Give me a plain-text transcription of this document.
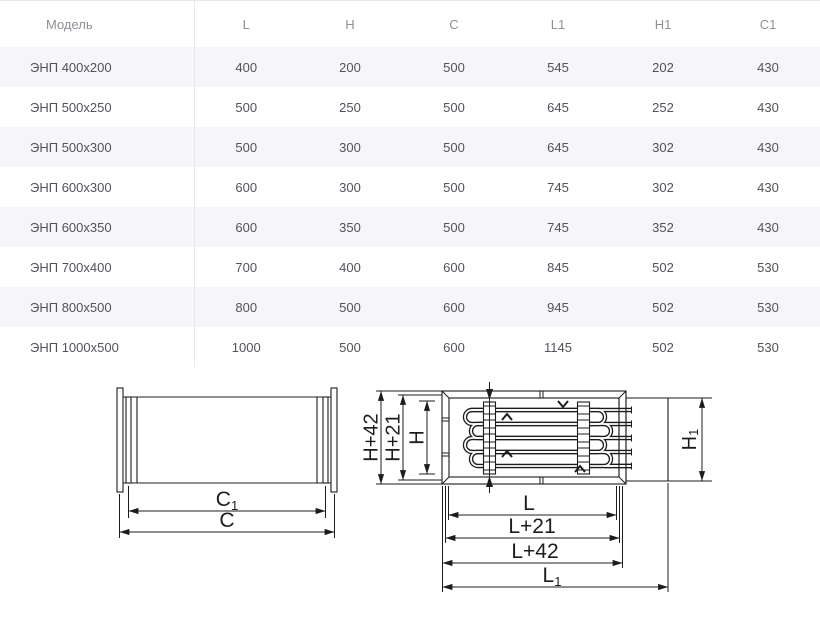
Модель	L	H	C	L1	H1	C1
ЭНП 400x200	400	200	500	545	202	430
ЭНП 500x250	500	250	500	645	252	430
ЭНП 500x300	500	300	500	645	302	430
ЭНП 600x300	600	300	500	745	302	430
ЭНП 600x350	600	350	500	745	352	430
ЭНП 700x400	700	400	600	845	502	530
ЭНП 800x500	800	500	600	945	502	530
ЭНП 1000x500	1000	500	600	1145	502	530
C1
C
H+42 H+21 H	$H_1$
L
L+21
L+42
L1
